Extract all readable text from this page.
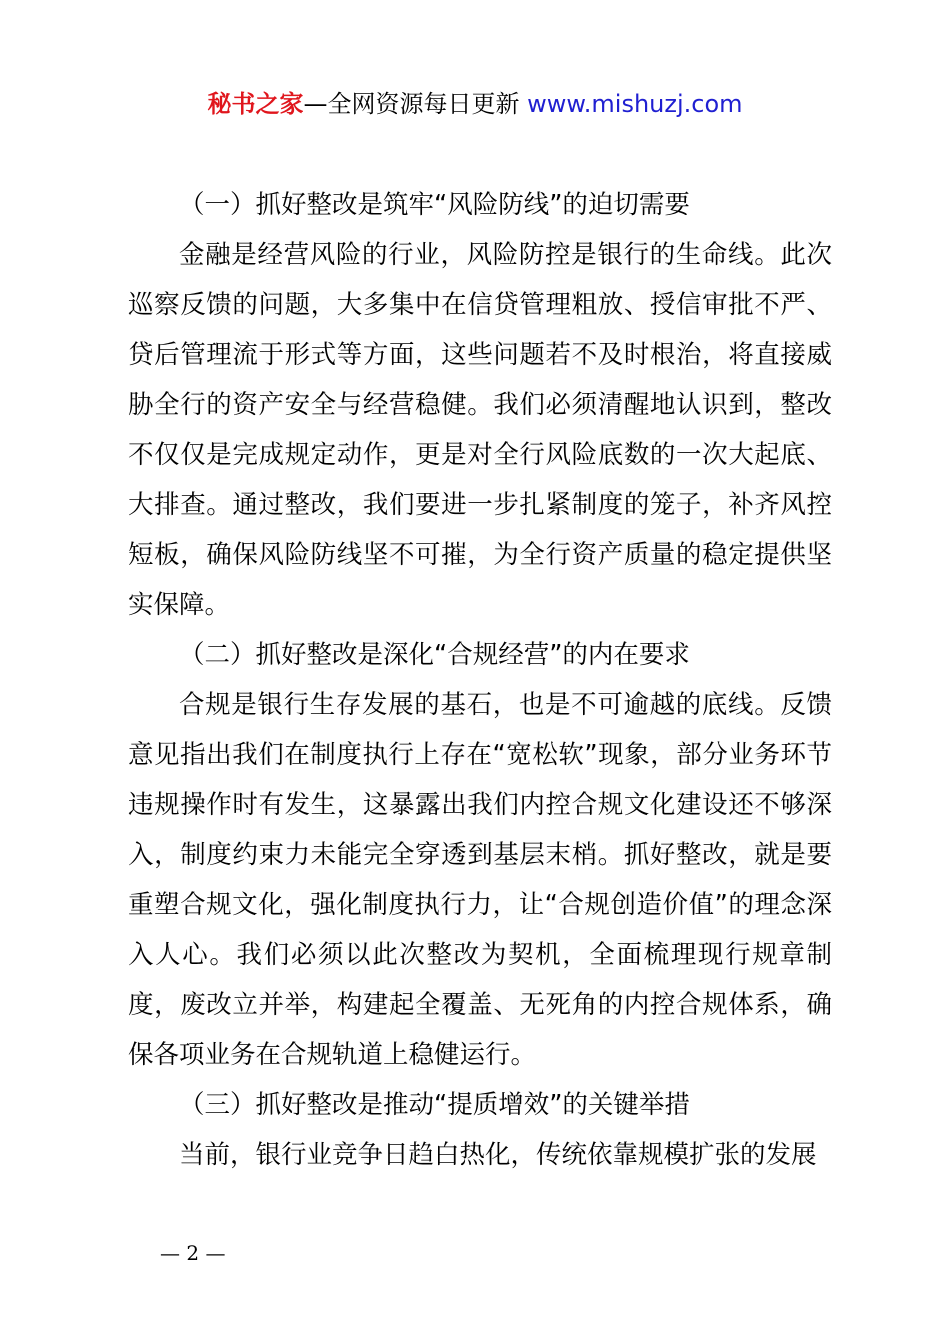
秘书之家—全网资源每日更新 www.mishuzj.com

（一）抓好整改是筑牢“风险防线”的迫切需要

金融是经营风险的行业，风险防控是银行的生命线。此次巡察反馈的问题，大多集中在信贷管理粗放、授信审批不严、贷后管理流于形式等方面，这些问题若不及时根治，将直接威胁全行的资产安全与经营稳健。我们必须清醒地认识到，整改不仅仅是完成规定动作，更是对全行风险底数的一次大起底、大排查。通过整改，我们要进一步扎紧制度的笼子，补齐风控短板，确保风险防线坚不可摧，为全行资产质量的稳定提供坚实保障。

（二）抓好整改是深化“合规经营”的内在要求

合规是银行生存发展的基石，也是不可逾越的底线。反馈意见指出我们在制度执行上存在“宽松软”现象，部分业务环节违规操作时有发生，这暴露出我们内控合规文化建设还不够深入，制度约束力未能完全穿透到基层末梢。抓好整改，就是要重塑合规文化，强化制度执行力，让“合规创造价值”的理念深入人心。我们必须以此次整改为契机，全面梳理现行规章制度，废改立并举，构建起全覆盖、无死角的内控合规体系，确保各项业务在合规轨道上稳健运行。

（三）抓好整改是推动“提质增效”的关键举措

当前，银行业竞争日趋白热化，传统依靠规模扩张的发展

— 2 —
